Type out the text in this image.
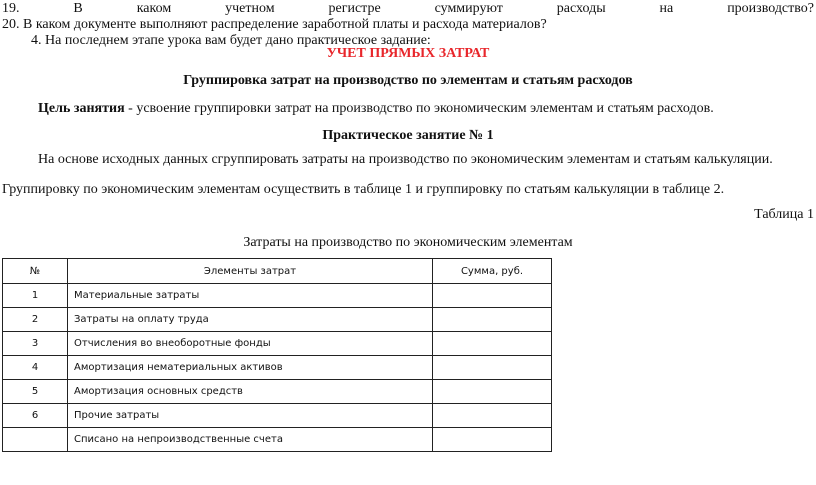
19.	В	каком	учетном	регистре	суммируют	расходы	на	производство?
20. В каком документе выполняют распределение заработной платы и расхода материалов?
4. На последнем этапе урока вам будет дано практическое задание:
УЧЕТ ПРЯМЫХ ЗАТРАТ
Группировка затрат на производство по элементам и статьям расходов
Цель занятия - усвоение группировки затрат на производство по экономическим элементам и статьям расходов.
Практическое занятие № 1
На основе исходных данных сгруппировать затраты на производство по экономическим элементам и статьям калькуляции.
Группировку по экономическим элементам осуществить в таблице 1 и группировку по статьям калькуляции в таблице 2.
Таблица 1
Затраты на производство по экономическим элементам
№	Элементы затрат	Сумма, руб.
1	Материальные затраты	
2	Затраты на оплату труда	
3	Отчисления во внеоборотные фонды	
4	Амортизация нематериальных активов	
5	Амортизация основных средств	
6	Прочие затраты	
	Списано на непроизводственные счета	
